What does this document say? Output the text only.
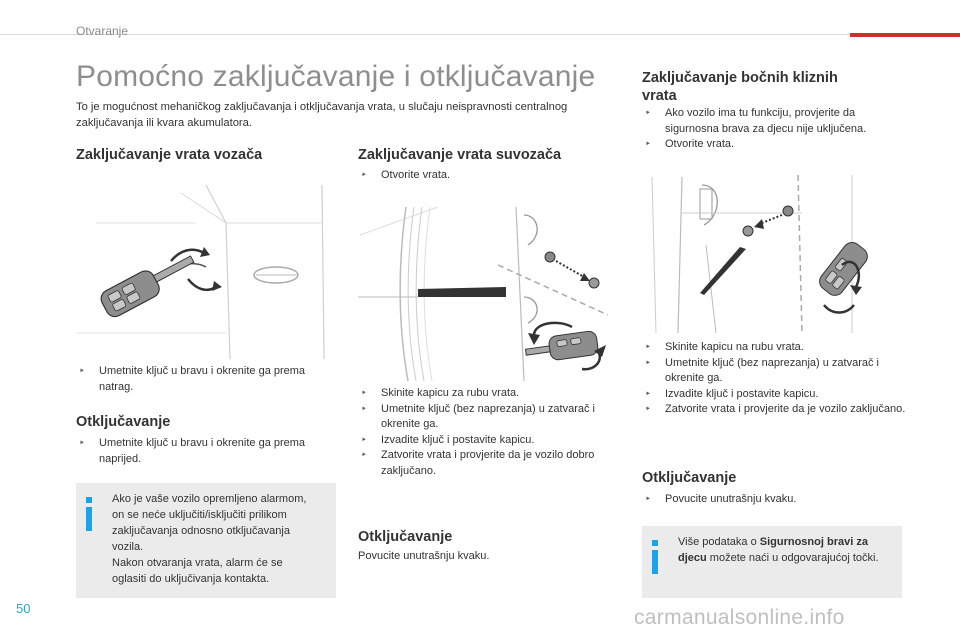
Otvaranje
Pomoćno zaključavanje i otključavanje
To je mogućnost mehaničkog zaključavanja i otključavanja vrata, u slučaju neispravnosti centralnog zaključavanja ili kvara akumulatora.
Zaključavanje vrata vozača
‣ Umetnite ključ u bravu i okrenite ga prema natrag.
Otključavanje
‣ Umetnite ključ u bravu i okrenite ga prema naprijed.
Ako je vaše vozilo opremljeno alarmom,
on se neće uključiti/isključiti prilikom
zaključavanja odnosno otključavanja
vozila.
Nakon otvaranja vrata, alarm će se
oglasiti do uključivanja kontakta.
Zaključavanje vrata suvozača
‣ Otvorite vrata.
‣ Skinite kapicu za rubu vrata.
‣ Umetnite ključ (bez naprezanja) u zatvarač i okrenite ga.
‣ Izvadite ključ i postavite kapicu.
‣ Zatvorite vrata i provjerite da je vozilo dobro zaključano.
Otključavanje
Povucite unutrašnju kvaku.
Zaključavanje bočnih kliznih
vrata
‣ Ako vozilo ima tu funkciju, provjerite da sigurnosna brava za djecu nije uključena.
‣ Otvorite vrata.
‣ Skinite kapicu na rubu vrata.
‣ Umetnite ključ (bez naprezanja) u zatvarač i okrenite ga.
‣ Izvadite ključ i postavite kapicu.
‣ Zatvorite vrata i provjerite da je vozilo zaključano.
Otključavanje
‣ Povucite unutrašnju kvaku.
Više podataka o Sigurnosnoj bravi za djecu možete naći u odgovarajućoj točki.
50	carmanualsonline.info
